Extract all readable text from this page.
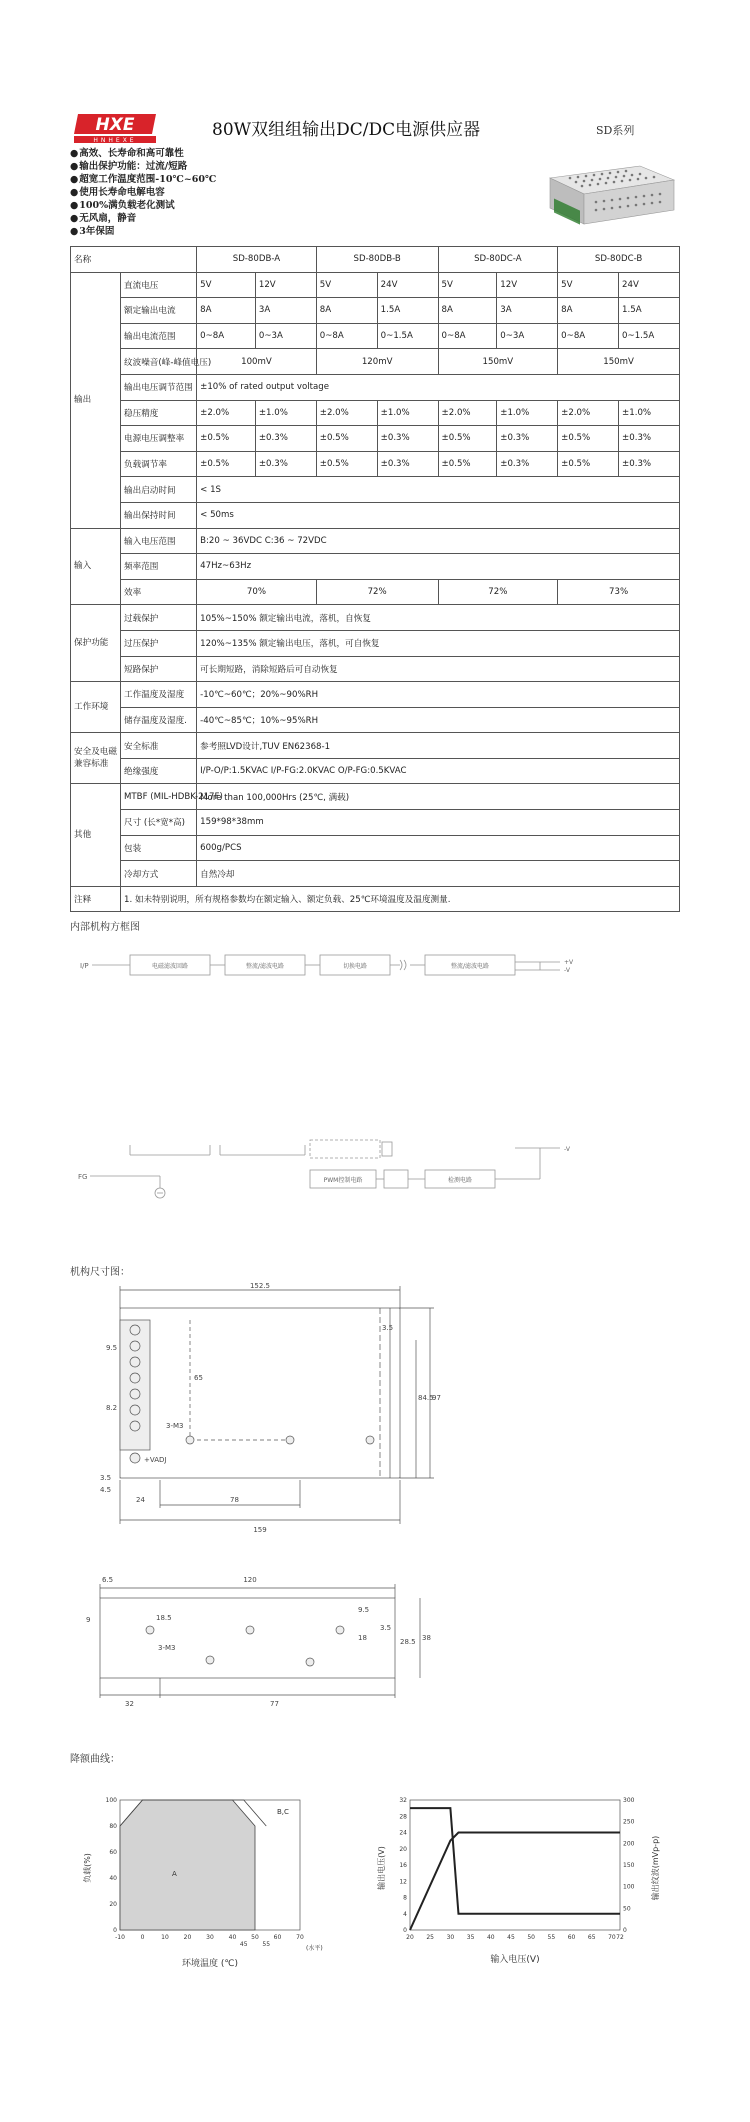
HXE
HNHEXE
80W双组组输出DC/DC电源供应器	SD系列
● 高效、长寿命和高可靠性
● 输出保护功能：过流/短路
● 超宽工作温度范围-10℃~60℃
● 使用长寿命电解电容
● 100%满负载老化测试
● 无风扇，静音
● 3年保固
名称		SD-80DB-A		SD-80DB-B		SD-80DC-A		SD-80DC-B	
输出	直流电压	5V	12V	5V	24V	5V	12V	5V	24V
	额定输出电流	8A	3A	8A	1.5A	8A	3A	8A	1.5A
	输出电流范围	0~8A	0~3A	0~8A	0~1.5A	0~8A	0~3A	0~8A	0~1.5A
	纹波噪音(峰-峰值电压)	100mV		120mV		150mV		150mV	
	输出电压调节范围	±10% of rated output voltage							
	稳压精度	±2.0%	±1.0%	±2.0%	±1.0%	±2.0%	±1.0%	±2.0%	±1.0%
	电源电压调整率	±0.5%	±0.3%	±0.5%	±0.3%	±0.5%	±0.3%	±0.5%	±0.3%
	负载调节率	±0.5%	±0.3%	±0.5%	±0.3%	±0.5%	±0.3%	±0.5%	±0.3%
	输出启动时间	< 1S							
	输出保持时间	< 50ms							
输入	输入电压范围	B:20 ~ 36VDC C:36 ~ 72VDC							
	频率范围	47Hz~63Hz							
	效率	70%		72%		72%		73%	
保护功能	过载保护	105%~150% 额定输出电流，落机，自恢复							
	过压保护	120%~135% 额定输出电压，落机，可自恢复							
	短路保护	可长期短路，消除短路后可自动恢复							
工作环境	工作温度及湿度	-10℃~60℃；20%~90%RH							
	储存温度及湿度.	-40℃~85℃；10%~95%RH							
安全及电磁兼容标准	安全标准	参考照LVD设计,TUV EN62368-1							
	绝缘强度	I/P-O/P:1.5KVAC I/P-FG:2.0KVAC O/P-FG:0.5KVAC							
其他	MTBF (MIL-HDBK-217F)	More than 100,000Hrs (25℃, 满载)							
	尺寸 (长*宽*高)	159*98*38mm							
	包装	600g/PCS							
	冷却方式	自然冷却							
注释	1. 如未特别说明，所有规格参数均在额定输入、额定负载、25℃环境温度及温度测量.								
内部机构方框图
I/P	电磁滤波回路	整流/滤波电路	切换电路	整流/滤波电路
+V
-V
-V
PWM控制电路	检测电路
FG
机构尺寸图：
152.5
65
84.5
97
78
159
24
4.5
3.5
9.5
8.2
3.5
+VADJ
3-M3
6.5	120
9	18.5
3-M3
9.5
18
3.5
28.5 38
32	77
降额曲线：
-10	0	10 20 30 40 50 60 70
45 55
0
20
40
60
80
100
A
B,C
环境温度 (℃)
负载(%)
(水平)
20 25 30 35 40 45 50 55 60 65 70 72
0
4
8
12
16
20
24
28
32
0
50
100
150
200
250
300
输入电压(V)
输出电压(V)	输出纹波(mVp-p)
